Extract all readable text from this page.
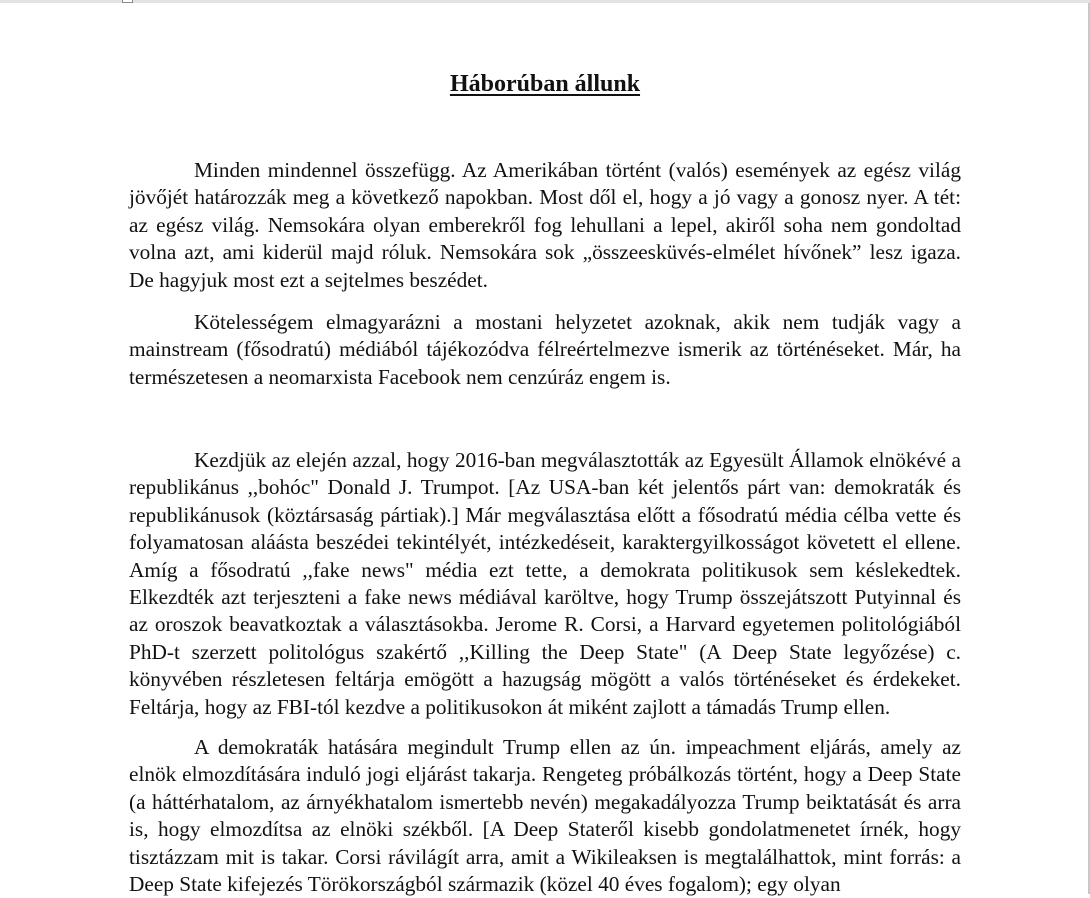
Háborúban állunk

Minden mindennel összefügg. Az Amerikában történt (valós) események az egész világ jövőjét határozzák meg a következő napokban. Most dől el, hogy a jó vagy a gonosz nyer. A tét: az egész világ. Nemsokára olyan emberekről fog lehullani a lepel, akiről soha nem gondoltad volna azt, ami kiderül majd róluk. Nemsokára sok „összeesküvés-elmélet hívőnek” lesz igaza. De hagyjuk most ezt a sejtelmes beszédet.

Kötelességem elmagyarázni a mostani helyzetet azoknak, akik nem tudják vagy a mainstream (fősodratú) médiából tájékozódva félreértelmezve ismerik az történéseket. Már, ha természetesen a neomarxista Facebook nem cenzúráz engem is.

Kezdjük az elején azzal, hogy 2016-ban megválasztották az Egyesült Államok elnökévé a republikánus ,,bohóc" Donald J. Trumpot. [Az USA-ban két jelentős párt van: demokraták és republikánusok (köztársaság pártiak).] Már megválasztása előtt a fősodratú média célba vette és folyamatosan aláásta beszédei tekintélyét, intézkedéseit, karaktergyilkosságot követett el ellene. Amíg a fősodratú ,,fake news" média ezt tette, a demokrata politikusok sem késlekedtek. Elkezdték azt terjeszteni a fake news médiával karöltve, hogy Trump összejátszott Putyinnal és az oroszok beavatkoztak a választásokba. Jerome R. Corsi, a Harvard egyetemen politológiából PhD-t szerzett politológus szakértő ,,Killing the Deep State" (A Deep State legyőzése) c. könyvében részletesen feltárja emögött a hazugság mögött a valós történéseket és érdekeket. Feltárja, hogy az FBI-tól kezdve a politikusokon át miként zajlott a támadás Trump ellen.

A demokraták hatására megindult Trump ellen az ún. impeachment eljárás, amely az elnök elmozdítására induló jogi eljárást takarja. Rengeteg próbálkozás történt, hogy a Deep State (a háttérhatalom, az árnyékhatalom ismertebb nevén) megakadályozza Trump beiktatását és arra is, hogy elmozdítsa az elnöki székből. [A Deep Stateről kisebb gondolatmenetet írnék, hogy tisztázzam mit is takar. Corsi rávilágít arra, amit a Wikileaksen is megtalálhattok, mint forrás: a Deep State kifejezés Törökországból származik (közel 40 éves fogalom); egy olyan
